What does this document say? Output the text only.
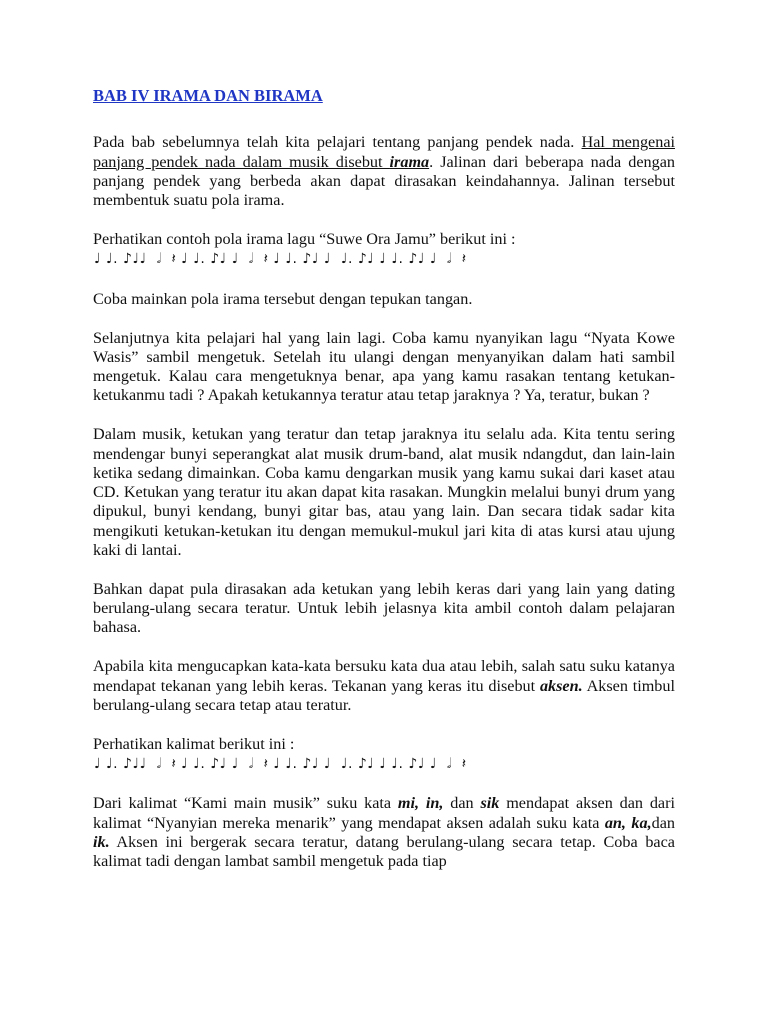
BAB IV IRAMA DAN BIRAMA

Pada bab sebelumnya telah kita pelajari tentang panjang pendek nada. Hal mengenai panjang pendek nada dalam musik disebut irama. Jalinan dari beberapa nada dengan panjang pendek yang berbeda akan dapat dirasakan keindahannya. Jalinan tersebut membentuk suatu pola irama.

Perhatikan contoh pola irama lagu “Suwe Ora Jamu” berikut ini :

♩ ♩. ♪♩♩  𝅗𝅥  𝄽 ♩ ♩. ♪♩ ♩  𝅗𝅥  𝄽 ♩ ♩. ♪♩ ♩  ♩. ♪♩ ♩ ♩. ♪♩ ♩  𝅗𝅥  𝄽

Coba mainkan pola irama tersebut dengan tepukan tangan.

Selanjutnya kita pelajari hal yang lain lagi. Coba kamu nyanyikan lagu “Nyata Kowe Wasis” sambil mengetuk. Setelah itu ulangi dengan menyanyikan dalam hati sambil mengetuk. Kalau cara mengetuknya benar, apa yang kamu rasakan tentang ketukan-ketukanmu tadi ? Apakah ketukannya teratur atau tetap jaraknya ? Ya, teratur, bukan ?

Dalam musik, ketukan yang teratur dan tetap jaraknya itu selalu ada. Kita tentu sering mendengar bunyi seperangkat alat musik drum-band, alat musik ndangdut, dan lain-lain ketika sedang dimainkan. Coba kamu dengarkan musik yang kamu sukai dari kaset atau CD. Ketukan yang teratur itu akan dapat kita rasakan. Mungkin melalui bunyi drum yang dipukul, bunyi kendang, bunyi gitar bas, atau yang lain. Dan secara tidak sadar kita mengikuti ketukan-ketukan itu dengan memukul-mukul jari kita di atas kursi atau ujung kaki di lantai.

Bahkan dapat pula dirasakan ada ketukan yang lebih keras dari yang lain yang dating berulang-ulang secara teratur. Untuk lebih jelasnya kita ambil contoh dalam pelajaran bahasa.

Apabila kita mengucapkan kata-kata bersuku kata dua atau lebih, salah satu suku katanya mendapat tekanan yang lebih keras. Tekanan yang keras itu disebut aksen. Aksen timbul berulang-ulang secara tetap atau teratur.

Perhatikan kalimat berikut ini :

♩ ♩. ♪♩♩  𝅗𝅥  𝄽 ♩ ♩. ♪♩ ♩  𝅗𝅥  𝄽 ♩ ♩. ♪♩ ♩  ♩. ♪♩ ♩ ♩. ♪♩ ♩  𝅗𝅥  𝄽

Dari kalimat “Kami main musik” suku kata mi, in, dan sik mendapat aksen dan dari kalimat “Nyanyian mereka menarik” yang mendapat aksen adalah suku kata an, ka,dan ik. Aksen ini bergerak secara teratur, datang berulang-ulang secara tetap. Coba baca kalimat tadi dengan lambat sambil mengetuk pada tiap
